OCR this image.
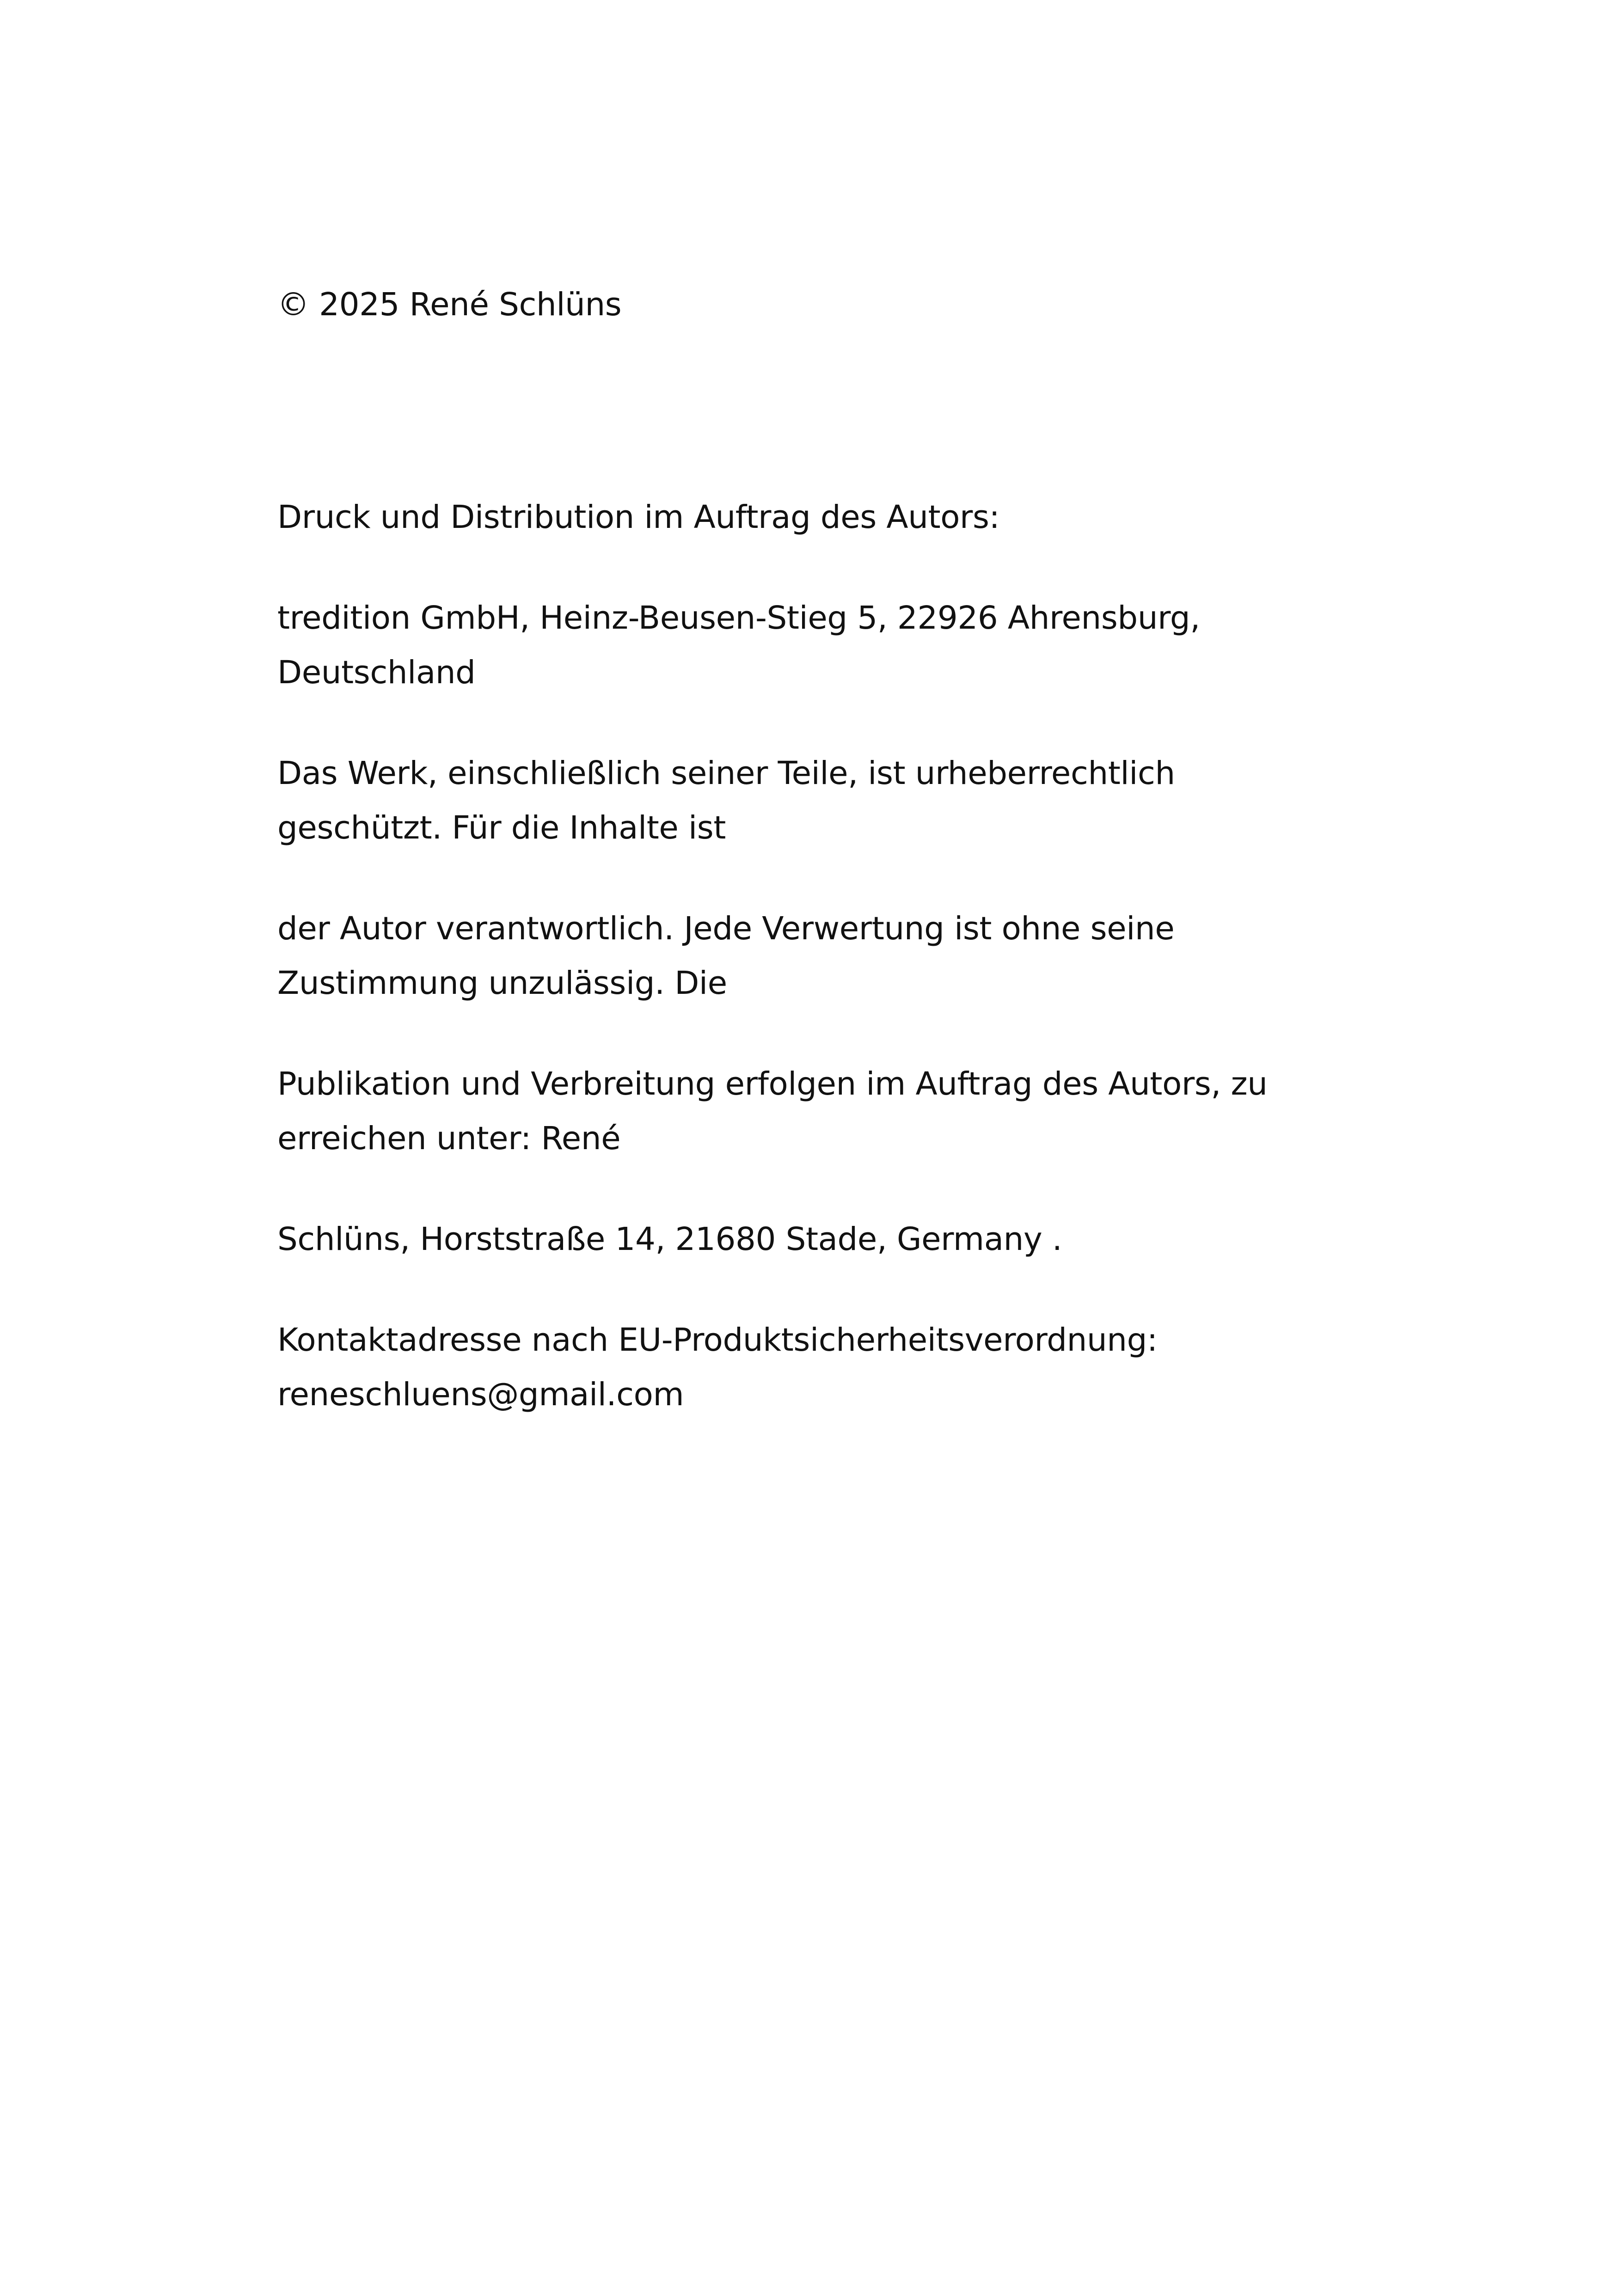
© 2025 René Schlüns
Druck und Distribution im Auftrag des Autors:
tredition GmbH, Heinz-Beusen-Stieg 5, 22926 Ahrensburg,
Deutschland
Das Werk, einschließlich seiner Teile, ist urheberrechtlich
geschützt. Für die Inhalte ist
der Autor verantwortlich. Jede Verwertung ist ohne seine
Zustimmung unzulässig. Die
Publikation und Verbreitung erfolgen im Auftrag des Autors, zu
erreichen unter: René
Schlüns, Horststraße 14, 21680 Stade, Germany .
Kontaktadresse nach EU-Produktsicherheitsverordnung:
reneschluens@gmail.com
